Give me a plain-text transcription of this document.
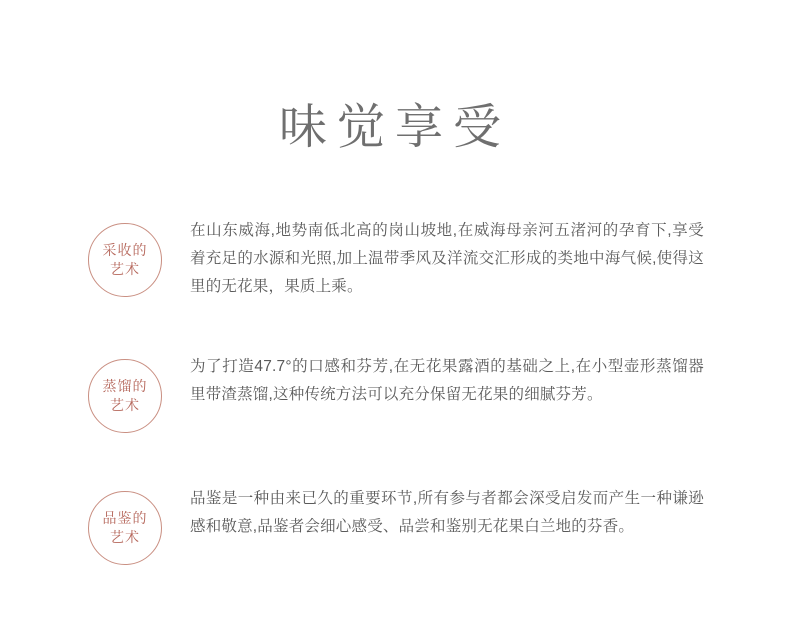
味觉享受
采收的
艺术
在山东威海,地势南低北高的岗山坡地,在威海母亲河五渚河的孕育下,享受着充足的水源和光照,加上温带季风及洋流交汇形成的类地中海气候,使得这里的无花果，果质上乘。
蒸馏的
艺术
为了打造47.7°的口感和芬芳,在无花果露酒的基础之上,在小型壶形蒸馏器里带渣蒸馏,这种传统方法可以充分保留无花果的细腻芬芳。
品鉴的
艺术
品鉴是一种由来已久的重要环节,所有参与者都会深受启发而产生一种谦逊感和敬意,品鉴者会细心感受、品尝和鉴别无花果白兰地的芬香。
